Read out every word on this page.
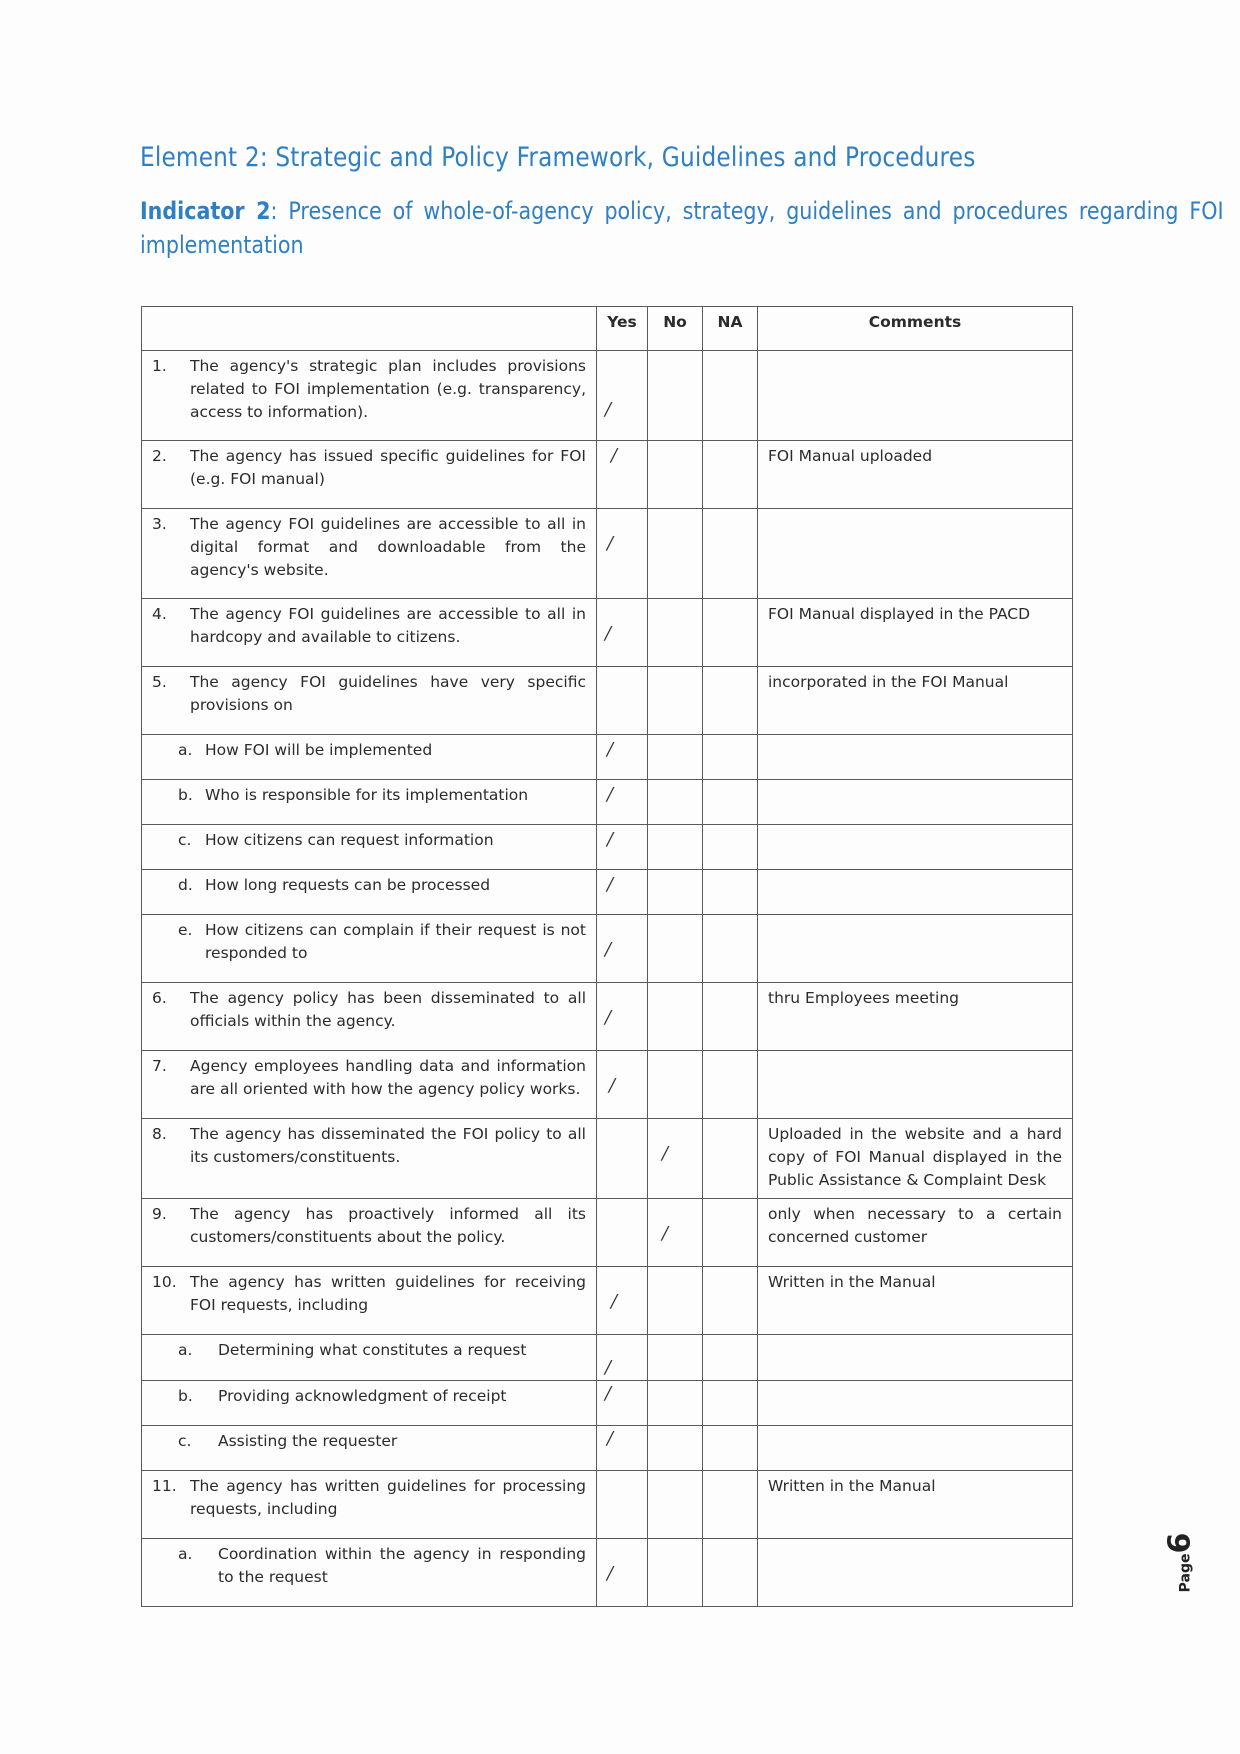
Element 2: Strategic and Policy Framework, Guidelines and Procedures
Indicator 2: Presence of whole-of-agency policy, strategy, guidelines and procedures regarding FOI implementation
	Yes	No	NA	Comments

1. The agency's strategic plan includes provisions related to FOI implementation (e.g. transparency, access to information).	/			

2. The agency has issued specific guidelines for FOI (e.g. FOI manual)	/			FOI Manual uploaded

3. The agency FOI guidelines are accessible to all in digital format and downloadable from the agency's website.	/			

4. The agency FOI guidelines are accessible to all in hardcopy and available to citizens.	/			FOI Manual displayed in the PACD

5. The agency FOI guidelines have very specific provisions on				incorporated in the FOI Manual

a. How FOI will be implemented	/			

b. Who is responsible for its implementation	/			

c. How citizens can request information	/			

d. How long requests can be processed	/			

e. How citizens can complain if their request is not responded to	/			

6. The agency policy has been disseminated to all officials within the agency.	/			thru Employees meeting

7. Agency employees handling data and information are all oriented with how the agency policy works.	/			

8. The agency has disseminated the FOI policy to all its customers/constituents.		/		Uploaded in the website and a hard copy of FOI Manual displayed in the Public Assistance & Complaint Desk

9. The agency has proactively informed all its customers/constituents about the policy.		/		only when necessary to a certain concerned customer

10. The agency has written guidelines for receiving FOI requests, including	/			Written in the Manual

a. Determining what constitutes a request	/			

b. Providing acknowledgment of receipt	/			

c. Assisting the requester	/			

11. The agency has written guidelines for processing requests, including				Written in the Manual

a. Coordination within the agency in responding to the request	/			

		Page6
